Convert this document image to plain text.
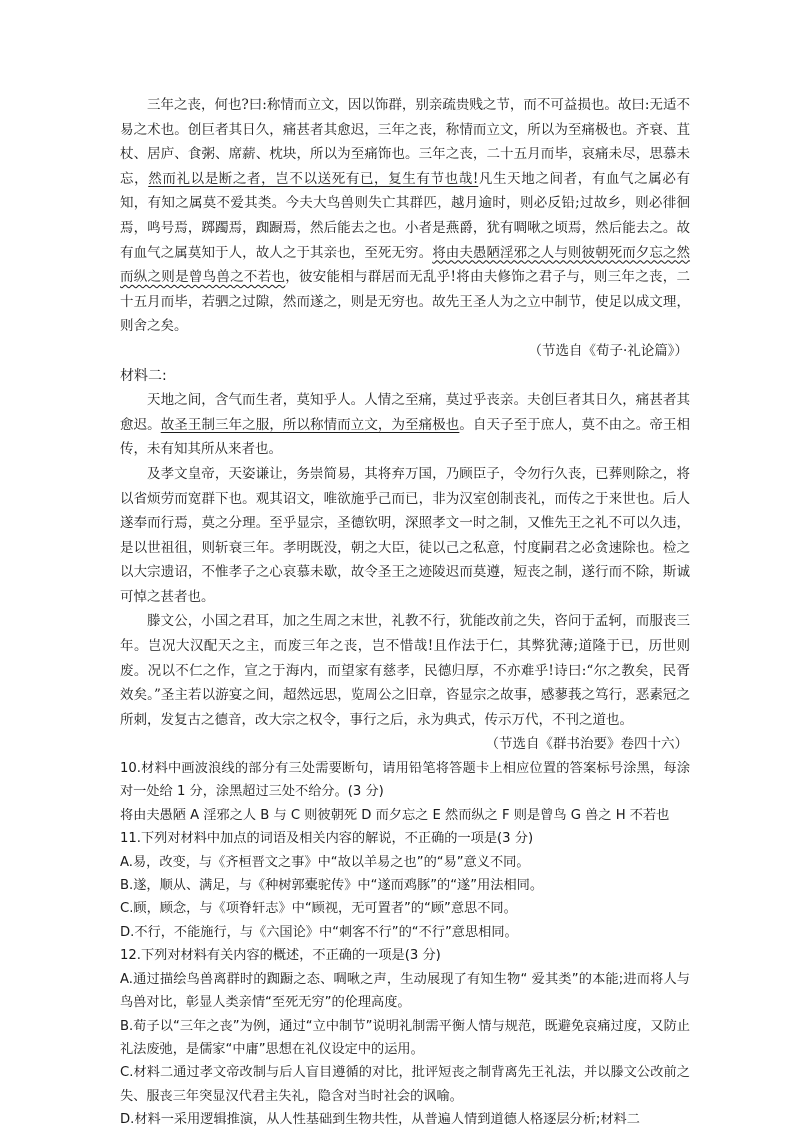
三年之丧，何也?曰:称情而立文，因以饰群，别亲疏贵贱之节，而不可益损也。故曰:无适不易之术也。创巨者其日久，痛甚者其愈迟，三年之丧，称情而立文，所以为至痛极也。齐衰、苴杖、居庐、食粥、席薪、枕块，所以为至痛饰也。三年之丧，二十五月而毕，哀痛未尽，思慕未忘，然而礼以是断之者，岂不以送死有已，复生有节也哉!凡生天地之间者，有血气之属必有知，有知之属莫不爱其类。今夫大鸟兽则失亡其群匹，越月逾时，则必反铅;过故乡，则必徘徊焉，鸣号焉，踯躅焉，踟蹰焉，然后能去之也。小者是燕爵，犹有啁啾之顷焉，然后能去之。故有血气之属莫知于人，故人之于其亲也，至死无穷。将由夫愚陋淫邪之人与则彼朝死而夕忘之然而纵之则是曾鸟兽之不若也，彼安能相与群居而无乱乎!将由夫修饰之君子与，则三年之丧，二十五月而毕，若驷之过隙，然而遂之，则是无穷也。故先王圣人为之立中制节，使足以成文理，则舍之矣。

（节选自《荀子·礼论篇》）

材料二:

天地之间，含气而生者，莫知乎人。人情之至痛，莫过乎丧亲。夫创巨者其日久，痛甚者其愈迟。故圣王制三年之服，所以称情而立文，为至痛极也。自天子至于庶人，莫不由之。帝王相传，未有知其所从来者也。

及孝文皇帝，天姿谦让，务崇简易，其将弃万国，乃顾臣子，令勿行久丧，已葬则除之，将以省烦劳而宽群下也。观其诏文，唯欲施乎己而已，非为汉室创制丧礼，而传之于来世也。后人遂奉而行焉，莫之分理。至乎显宗，圣德钦明，深照孝文一时之制，又惟先王之礼不可以久违，是以世祖徂，则斩衰三年。孝明既没，朝之大臣，徒以己之私意，忖度嗣君之必贪速除也。检之以大宗遗诏，不惟孝子之心哀慕未歇，故令圣王之迹陵迟而莫遵，短丧之制，遂行而不除，斯诚可悼之甚者也。

滕文公，小国之君耳，加之生周之末世，礼教不行，犹能改前之失，咨问于孟轲，而服丧三年。岂况大汉配天之主，而废三年之丧，岂不惜哉!且作法于仁，其弊犹薄;道隆于已，历世则废。况以不仁之作，宣之于海内，而望家有慈孝，民德归厚，不亦难乎!诗曰:“尔之教矣，民胥效矣。”圣主若以游宴之间，超然远思，览周公之旧章，咨显宗之故事，感蓼莪之笃行，恶素冠之所刺，发复古之德音，改大宗之权令，事行之后，永为典式，传示万代，不刊之道也。

（节选自《群书治要》卷四十六）

10.材料中画波浪线的部分有三处需要断句，请用铅笔将答题卡上相应位置的答案标号涂黑，每涂对一处给 1 分，涂黑超过三处不给分。(3 分)

将由夫愚陋 A 淫邪之人 B 与 C 则彼朝死 D 而夕忘之 E 然而纵之 F 则是曾鸟 G 兽之 H 不若也

11.下列对材料中加点的词语及相关内容的解说，不正确的一项是(3 分)

A.易，改变，与《齐桓晋文之事》中“故以羊易之也”的“易”意义不同。

B.遂，顺从、满足，与《种树郭橐驼传》中“遂而鸡豚”的“遂”用法相同。

C.顾，顾念，与《项脊轩志》中“顾视，无可置者”的“顾”意思不同。

D.不行，不能施行，与《六国论》中“刺客不行”的“不行”意思相同。

12.下列对材料有关内容的概述，不正确的一项是(3 分)

A.通过描绘鸟兽离群时的踟蹰之态、啁啾之声，生动展现了有知生物“ 爱其类”的本能;进而将人与鸟兽对比，彰显人类亲情“至死无穷”的伦理高度。

B.荀子以“三年之丧”为例，通过“立中制节”说明礼制需平衡人情与规范，既避免哀痛过度，又防止礼法废弛，是儒家“中庸”思想在礼仪设定中的运用。

C.材料二通过孝文帝改制与后人盲目遵循的对比，批评短丧之制背离先王礼法，并以滕文公改前之失、服丧三年突显汉代君主失礼，隐含对当时社会的讽喻。

D.材料一采用逻辑推演，从人性基础到生物共性，从普遍人情到道德人格逐层分析;材料二
